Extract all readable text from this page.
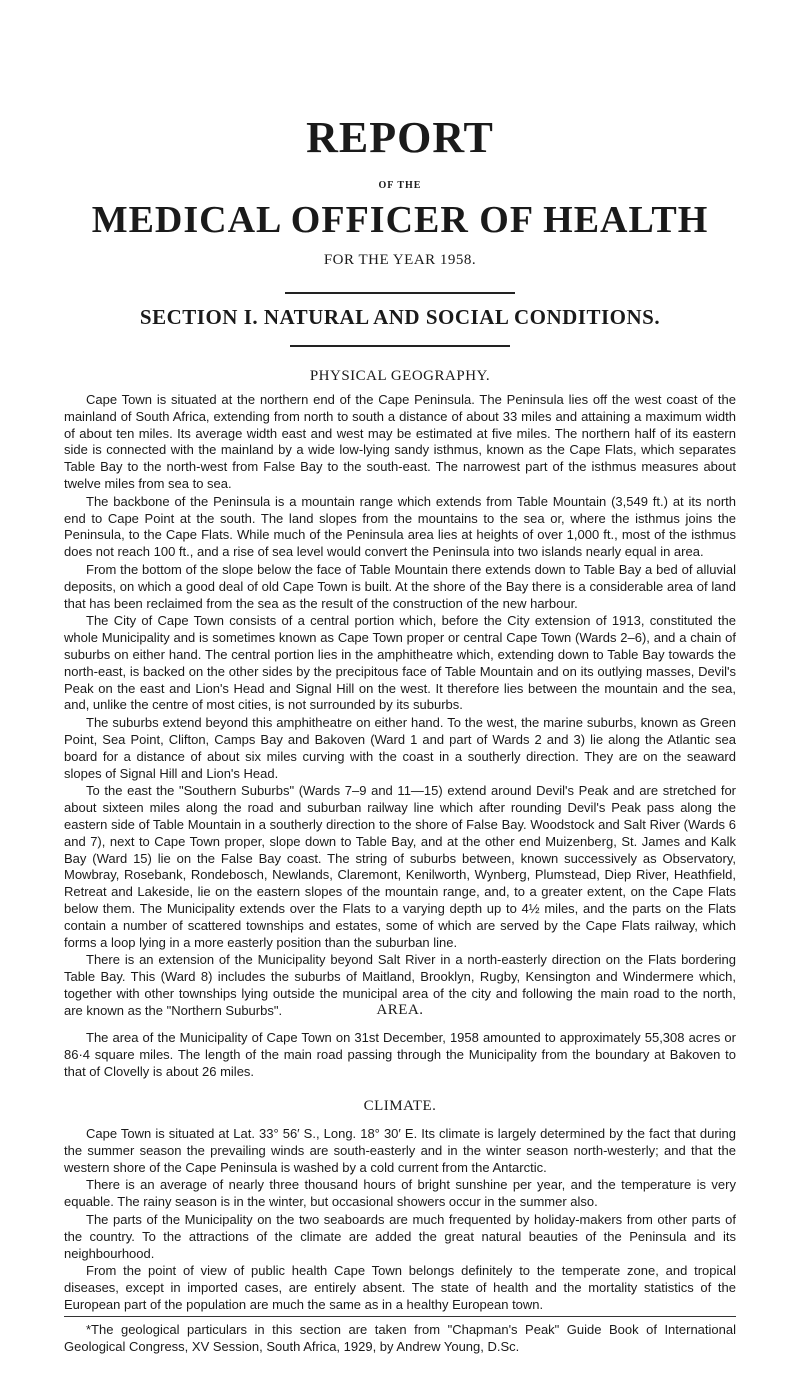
REPORT
OF THE
MEDICAL OFFICER OF HEALTH
FOR THE YEAR 1958.
SECTION I. NATURAL AND SOCIAL CONDITIONS.
PHYSICAL GEOGRAPHY.

Cape Town is situated at the northern end of the Cape Peninsula. The Peninsula lies off the west coast of the mainland of South Africa, extending from north to south a distance of about 33 miles and attaining a maximum width of about ten miles. Its average width east and west may be estimated at five miles. The northern half of its eastern side is connected with the mainland by a wide low-lying sandy isthmus, known as the Cape Flats, which separates Table Bay to the north-west from False Bay to the south-east. The narrowest part of the isthmus measures about twelve miles from sea to sea.

The backbone of the Peninsula is a mountain range which extends from Table Mountain (3,549 ft.) at its north end to Cape Point at the south. The land slopes from the mountains to the sea or, where the isthmus joins the Peninsula, to the Cape Flats. While much of the Peninsula area lies at heights of over 1,000 ft., most of the isthmus does not reach 100 ft., and a rise of sea level would convert the Peninsula into two islands nearly equal in area.

From the bottom of the slope below the face of Table Mountain there extends down to Table Bay a bed of alluvial deposits, on which a good deal of old Cape Town is built. At the shore of the Bay there is a considerable area of land that has been reclaimed from the sea as the result of the construction of the new harbour.

The City of Cape Town consists of a central portion which, before the City extension of 1913, constituted the whole Municipality and is sometimes known as Cape Town proper or central Cape Town (Wards 2–6), and a chain of suburbs on either hand. The central portion lies in the amphitheatre which, extending down to Table Bay towards the north-east, is backed on the other sides by the precipitous face of Table Mountain and on its outlying masses, Devil's Peak on the east and Lion's Head and Signal Hill on the west. It therefore lies between the mountain and the sea, and, unlike the centre of most cities, is not surrounded by its suburbs.

The suburbs extend beyond this amphitheatre on either hand. To the west, the marine suburbs, known as Green Point, Sea Point, Clifton, Camps Bay and Bakoven (Ward 1 and part of Wards 2 and 3) lie along the Atlantic sea board for a distance of about six miles curving with the coast in a southerly direction. They are on the seaward slopes of Signal Hill and Lion's Head.

To the east the "Southern Suburbs" (Wards 7–9 and 11—15) extend around Devil's Peak and are stretched for about sixteen miles along the road and suburban railway line which after rounding Devil's Peak pass along the eastern side of Table Mountain in a southerly direction to the shore of False Bay. Woodstock and Salt River (Wards 6 and 7), next to Cape Town proper, slope down to Table Bay, and at the other end Muizenberg, St. James and Kalk Bay (Ward 15) lie on the False Bay coast. The string of suburbs between, known successively as Observatory, Mowbray, Rosebank, Rondebosch, Newlands, Claremont, Kenilworth, Wynberg, Plumstead, Diep River, Heathfield, Retreat and Lakeside, lie on the eastern slopes of the mountain range, and, to a greater extent, on the Cape Flats below them. The Municipality extends over the Flats to a varying depth up to 4½ miles, and the parts on the Flats contain a number of scattered townships and estates, some of which are served by the Cape Flats railway, which forms a loop lying in a more easterly position than the suburban line.

There is an extension of the Municipality beyond Salt River in a north-easterly direction on the Flats bordering Table Bay. This (Ward 8) includes the suburbs of Maitland, Brooklyn, Rugby, Kensington and Windermere which, together with other townships lying outside the municipal area of the city and following the main road to the north, are known as the "Northern Suburbs".	AREA.

The area of the Municipality of Cape Town on 31st December, 1958 amounted to approximately 55,308 acres or 86·4 square miles. The length of the main road passing through the Municipality from the boundary at Bakoven to that of Clovelly is about 26 miles.

CLIMATE.

Cape Town is situated at Lat. 33° 56′ S., Long. 18° 30′ E. Its climate is largely determined by the fact that during the summer season the prevailing winds are south-easterly and in the winter season north-westerly; and that the western shore of the Cape Peninsula is washed by a cold current from the Antarctic.

There is an average of nearly three thousand hours of bright sunshine per year, and the temperature is very equable. The rainy season is in the winter, but occasional showers occur in the summer also.

The parts of the Municipality on the two seaboards are much frequented by holiday-makers from other parts of the country. To the attractions of the climate are added the great natural beauties of the Peninsula and its neighbourhood.

From the point of view of public health Cape Town belongs definitely to the temperate zone, and tropical diseases, except in imported cases, are entirely absent. The state of health and the mortality statistics of the European part of the population are much the same as in a healthy European town.

*The geological particulars in this section are taken from "Chapman's Peak" Guide Book of International Geological Congress, XV Session, South Africa, 1929, by Andrew Young, D.Sc.
